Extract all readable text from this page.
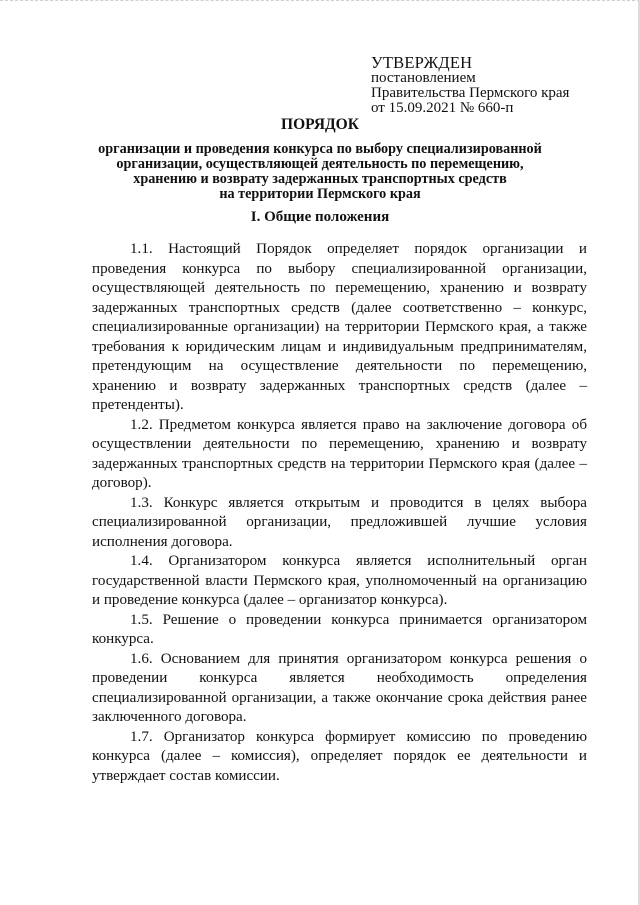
УТВЕРЖДЕН
постановлением
Правительства Пермского края
от 15.09.2021 № 660-п
ПОРЯДОК
организации и проведения конкурса по выбору специализированной
организации, осуществляющей деятельность по перемещению,
хранению и возврату задержанных транспортных средств
на территории Пермского края
I. Общие положения

1.1. Настоящий Порядок определяет порядок организации и проведения конкурса по выбору специализированной организации, осуществляющей деятельность по перемещению, хранению и возврату задержанных транспортных средств (далее соответственно – конкурс, специализированные организации) на территории Пермского края, а также требования к юридическим лицам и индивидуальным предпринимателям, претендующим на осуществление деятельности по перемещению, хранению и возврату задержанных транспортных средств (далее – претенденты).

1.2. Предметом конкурса является право на заключение договора об осуществлении деятельности по перемещению, хранению и возврату задержанных транспортных средств на территории Пермского края (далее – договор).

1.3. Конкурс является открытым и проводится в целях выбора специализированной организации, предложившей лучшие условия исполнения договора.

1.4. Организатором конкурса является исполнительный орган государственной власти Пермского края, уполномоченный на организацию и проведение конкурса (далее – организатор конкурса).

1.5. Решение о проведении конкурса принимается организатором конкурса.

1.6. Основанием для принятия организатором конкурса решения о проведении конкурса является необходимость определения специализированной организации, а также окончание срока действия ранее заключенного договора.

1.7. Организатор конкурса формирует комиссию по проведению конкурса (далее – комиссия), определяет порядок ее деятельности и утверждает состав комиссии.
